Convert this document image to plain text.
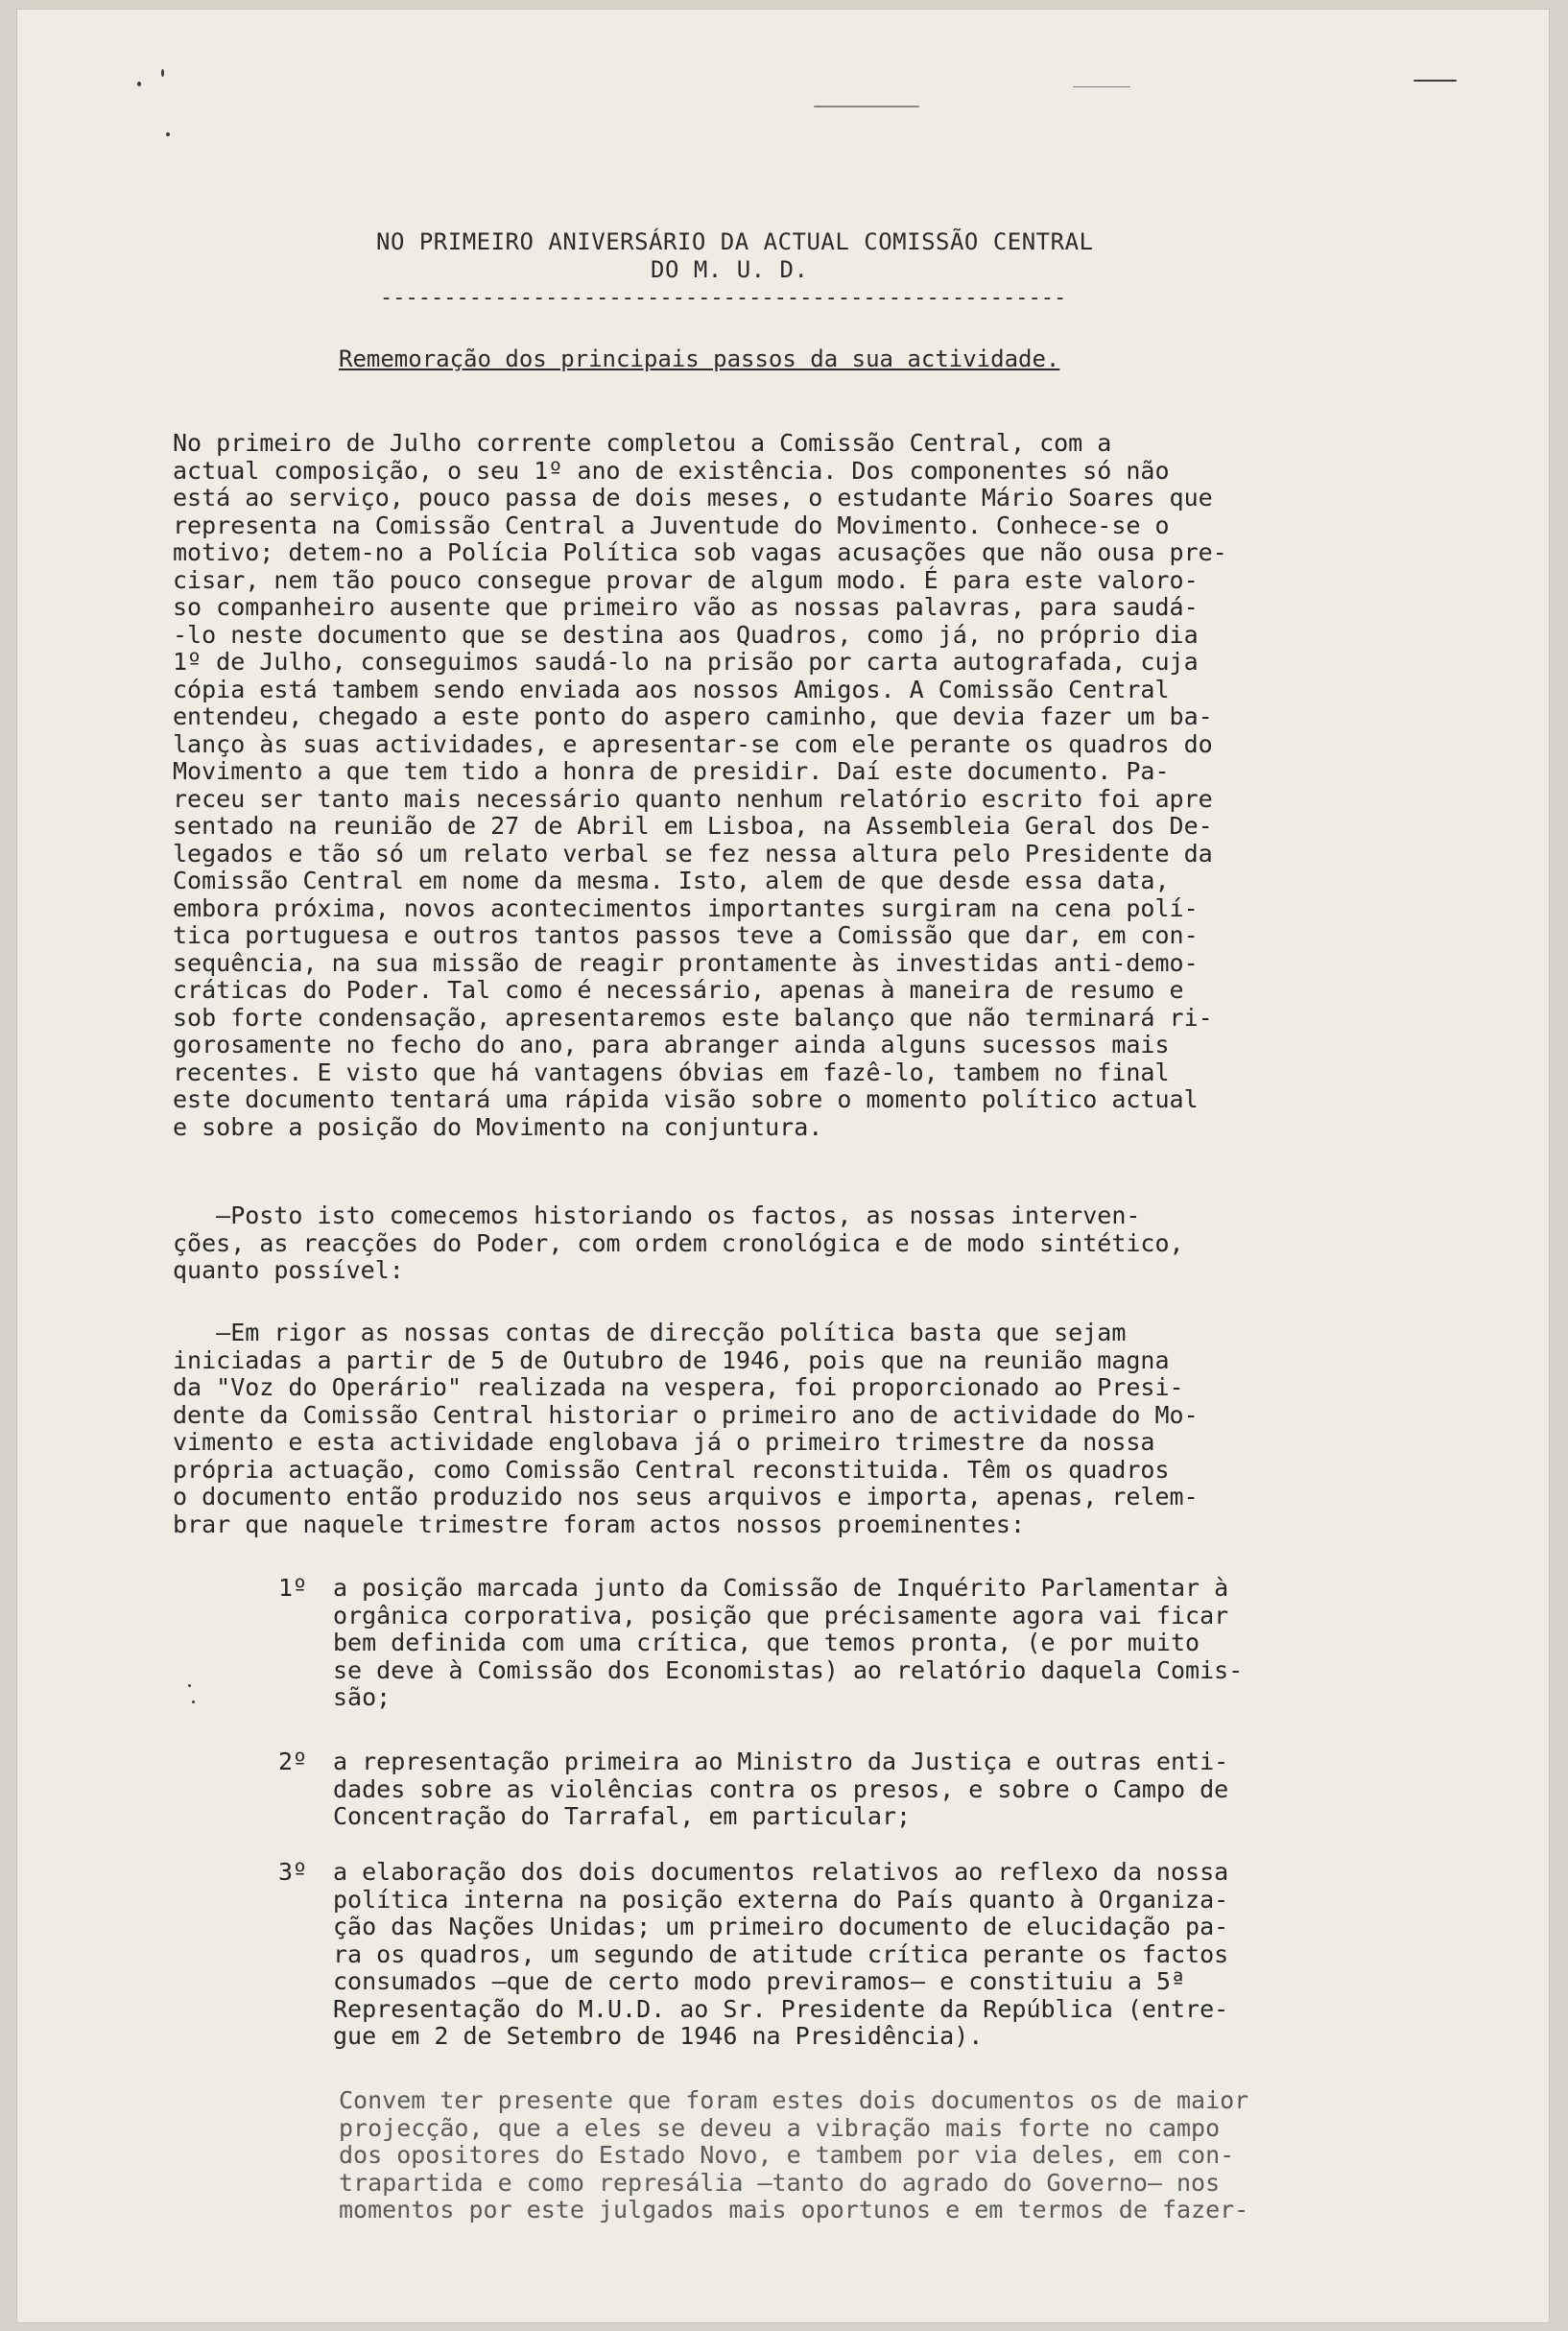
NO PRIMEIRO ANIVERSÁRIO DA ACTUAL COMISSÃO CENTRAL
DO M. U. D.
------------------------------------------------------
Rememoração dos principais passos da sua actividade.

No primeiro de Julho corrente completou a Comissão Central, com a

actual composição, o seu 1º ano de existência. Dos componentes só não

está ao serviço, pouco passa de dois meses, o estudante Mário Soares que

representa na Comissão Central a Juventude do Movimento. Conhece-se o

motivo; detem-no a Polícia Política sob vagas acusações que não ousa pre-

cisar, nem tão pouco consegue provar de algum modo. É para este valoro-

so companheiro ausente que primeiro vão as nossas palavras, para saudá-

-lo neste documento que se destina aos Quadros, como já, no próprio dia

1º de Julho, conseguimos saudá-lo na prisão por carta autografada, cuja

cópia está tambem sendo enviada aos nossos Amigos. A Comissão Central

entendeu, chegado a este ponto do aspero caminho, que devia fazer um ba-

lanço às suas actividades, e apresentar-se com ele perante os quadros do

Movimento a que tem tido a honra de presidir. Daí este documento. Pa-

receu ser tanto mais necessário quanto nenhum relatório escrito foi apre

sentado na reunião de 27 de Abril em Lisboa, na Assembleia Geral dos De-

legados e tão só um relato verbal se fez nessa altura pelo Presidente da

Comissão Central em nome da mesma. Isto, alem de que desde essa data,

embora próxima, novos acontecimentos importantes surgiram na cena polí-

tica portuguesa e outros tantos passos teve a Comissão que dar, em con-

sequência, na sua missão de reagir prontamente às investidas anti-demo-

cráticas do Poder. Tal como é necessário, apenas à maneira de resumo e

sob forte condensação, apresentaremos este balanço que não terminará ri-

gorosamente no fecho do ano, para abranger ainda alguns sucessos mais

recentes. E visto que há vantagens óbvias em fazê-lo, tambem no final

este documento tentará uma rápida visão sobre o momento político actual

e sobre a posição do Movimento na conjuntura.

—Posto isto comecemos historiando os factos, as nossas interven-

ções, as reacções do Poder, com ordem cronológica e de modo sintético,

quanto possível:

—Em rigor as nossas contas de direcção política basta que sejam

iniciadas a partir de 5 de Outubro de 1946, pois que na reunião magna

da "Voz do Operário" realizada na vespera, foi proporcionado ao Presi-

dente da Comissão Central historiar o primeiro ano de actividade do Mo-

vimento e esta actividade englobava já o primeiro trimestre da nossa

própria actuação, como Comissão Central reconstituida. Têm os quadros

o documento então produzido nos seus arquivos e importa, apenas, relem-

brar que naquele trimestre foram actos nossos proeminentes:

1º a posição marcada junto da Comissão de Inquérito Parlamentar à
orgânica corporativa, posição que précisamente agora vai ficar
bem definida com uma crítica, que temos pronta, (e por muito
se deve à Comissão dos Economistas) ao relatório daquela Comis-
são;
2º a representação primeira ao Ministro da Justiça e outras enti-
dades sobre as violências contra os presos, e sobre o Campo de
Concentração do Tarrafal, em particular;
3º a elaboração dos dois documentos relativos ao reflexo da nossa
política interna na posição externa do País quanto à Organiza-
ção das Nações Unidas; um primeiro documento de elucidação pa-
ra os quadros, um segundo de atitude crítica perante os factos
consumados —que de certo modo previramos— e constituiu a 5ª
Representação do M.U.D. ao Sr. Presidente da República (entre-
gue em 2 de Setembro de 1946 na Presidência).

Convem ter presente que foram estes dois documentos os de maior

projecção, que a eles se deveu a vibração mais forte no campo

dos opositores do Estado Novo, e tambem por via deles, em con-

trapartida e como represália —tanto do agrado do Governo— nos

momentos por este julgados mais oportunos e em termos de fazer-
